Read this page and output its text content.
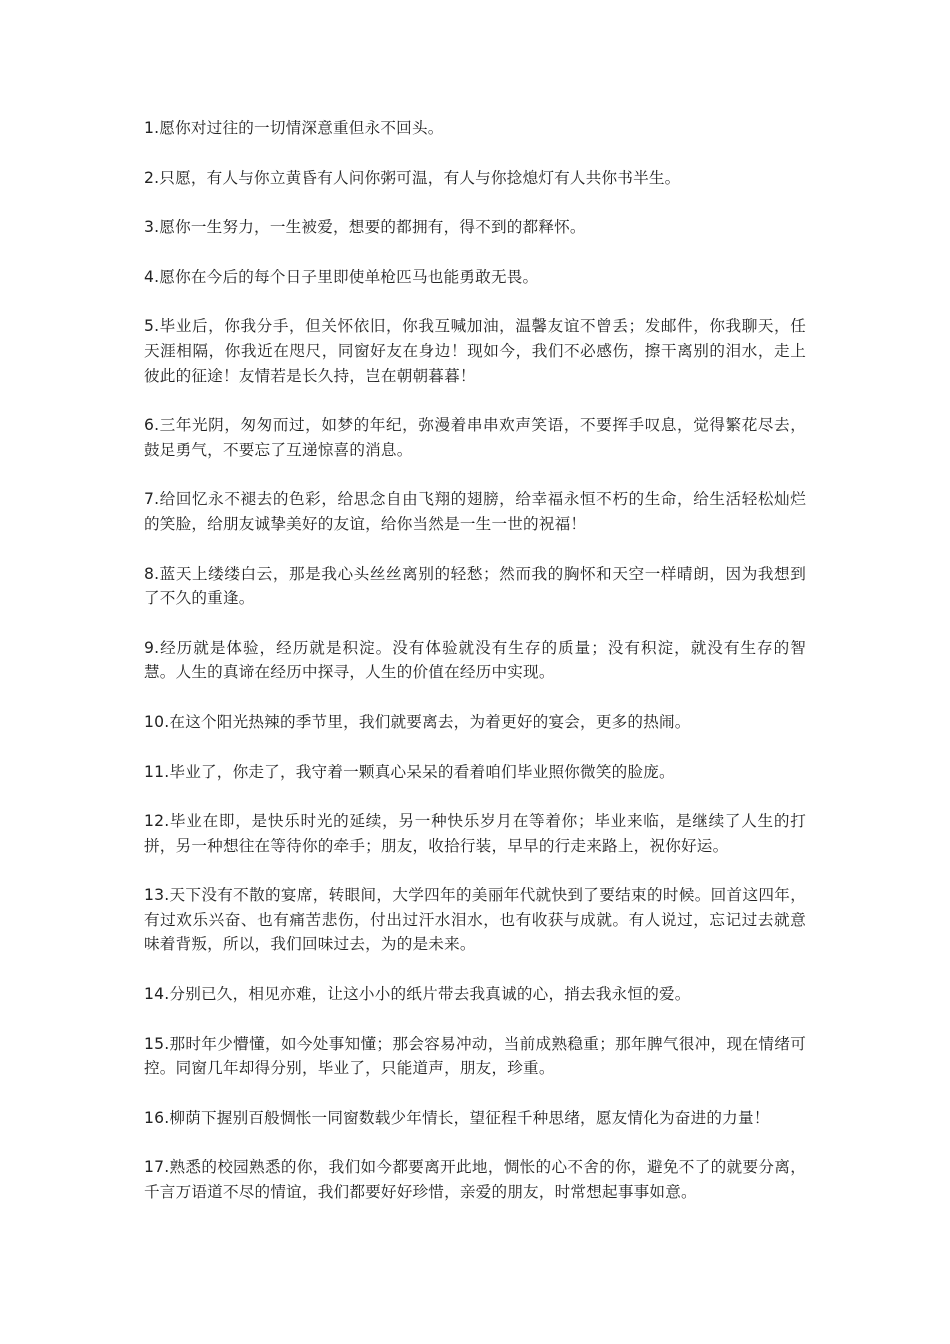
1.愿你对过往的一切情深意重但永不回头。

2.只愿，有人与你立黄昏有人问你粥可温，有人与你捻熄灯有人共你书半生。

3.愿你一生努力，一生被爱，想要的都拥有，得不到的都释怀。

4.愿你在今后的每个日子里即使单枪匹马也能勇敢无畏。

5.毕业后，你我分手，但关怀依旧，你我互喊加油，温馨友谊不曾丢；发邮件，你我聊天，任天涯相隔，你我近在咫尺，同窗好友在身边！现如今，我们不必感伤，擦干离别的泪水，走上彼此的征途！友情若是长久持，岂在朝朝暮暮！

6.三年光阴，匆匆而过，如梦的年纪，弥漫着串串欢声笑语，不要挥手叹息，觉得繁花尽去，鼓足勇气，不要忘了互递惊喜的消息。

7.给回忆永不褪去的色彩，给思念自由飞翔的翅膀，给幸福永恒不朽的生命，给生活轻松灿烂的笑脸，给朋友诚挚美好的友谊，给你当然是一生一世的祝福！

8.蓝天上缕缕白云，那是我心头丝丝离别的轻愁；然而我的胸怀和天空一样晴朗，因为我想到了不久的重逢。

9.经历就是体验，经历就是积淀。没有体验就没有生存的质量；没有积淀，就没有生存的智慧。人生的真谛在经历中探寻，人生的价值在经历中实现。

10.在这个阳光热辣的季节里，我们就要离去，为着更好的宴会，更多的热闹。

11.毕业了，你走了，我守着一颗真心呆呆的看着咱们毕业照你微笑的脸庞。

12.毕业在即，是快乐时光的延续，另一种快乐岁月在等着你；毕业来临，是继续了人生的打拼，另一种想往在等待你的牵手；朋友，收拾行装，早早的行走来路上，祝你好运。

13.天下没有不散的宴席，转眼间，大学四年的美丽年代就快到了要结束的时候。回首这四年，有过欢乐兴奋、也有痛苦悲伤，付出过汗水泪水，也有收获与成就。有人说过，忘记过去就意味着背叛，所以，我们回味过去，为的是未来。

14.分别已久，相见亦难，让这小小的纸片带去我真诚的心，捎去我永恒的爱。

15.那时年少懵懂，如今处事知懂；那会容易冲动，当前成熟稳重；那年脾气很冲，现在情绪可控。同窗几年却得分别，毕业了，只能道声，朋友，珍重。

16.柳荫下握别百般惆怅一同窗数载少年情长，望征程千种思绪，愿友情化为奋进的力量！

17.熟悉的校园熟悉的你，我们如今都要离开此地，惆怅的心不舍的你，避免不了的就要分离，千言万语道不尽的情谊，我们都要好好珍惜，亲爱的朋友，时常想起事事如意。
